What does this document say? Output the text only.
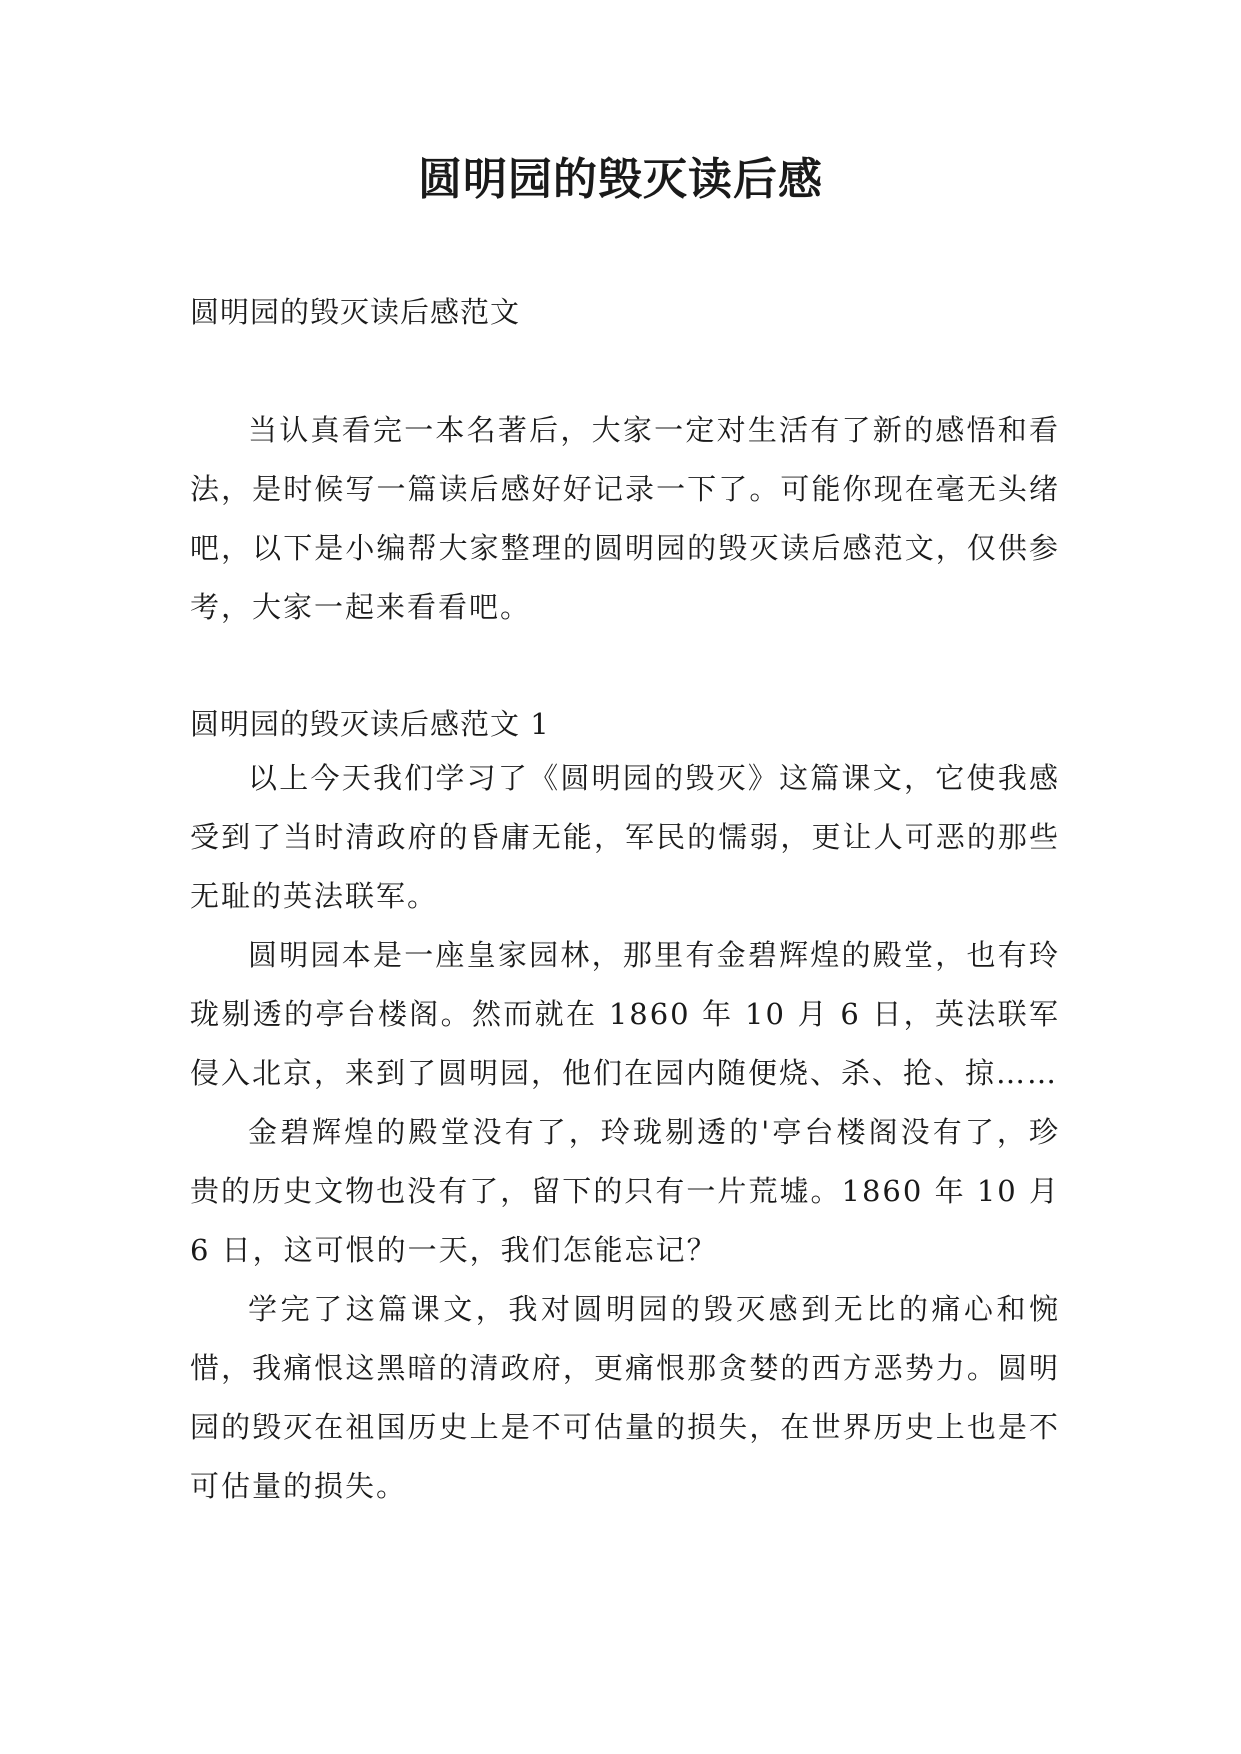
圆明园的毁灭读后感
圆明园的毁灭读后感范文

当认真看完一本名著后，大家一定对生活有了新的感悟和看法，是时候写一篇读后感好好记录一下了。可能你现在毫无头绪吧，以下是小编帮大家整理的圆明园的毁灭读后感范文，仅供参考，大家一起来看看吧。

圆明园的毁灭读后感范文 1

以上今天我们学习了《圆明园的毁灭》这篇课文，它使我感受到了当时清政府的昏庸无能，军民的懦弱，更让人可恶的那些无耻的英法联军。

圆明园本是一座皇家园林，那里有金碧辉煌的殿堂，也有玲珑剔透的亭台楼阁。然而就在 1860 年 10 月 6 日，英法联军侵入北京，来到了圆明园，他们在园内随便烧、杀、抢、掠……

金碧辉煌的殿堂没有了，玲珑剔透的'亭台楼阁没有了，珍贵的历史文物也没有了，留下的只有一片荒墟。1860 年 10 月 6 日，这可恨的一天，我们怎能忘记？

学完了这篇课文，我对圆明园的毁灭感到无比的痛心和惋惜，我痛恨这黑暗的清政府，更痛恨那贪婪的西方恶势力。圆明园的毁灭在祖国历史上是不可估量的损失，在世界历史上也是不可估量的损失。
